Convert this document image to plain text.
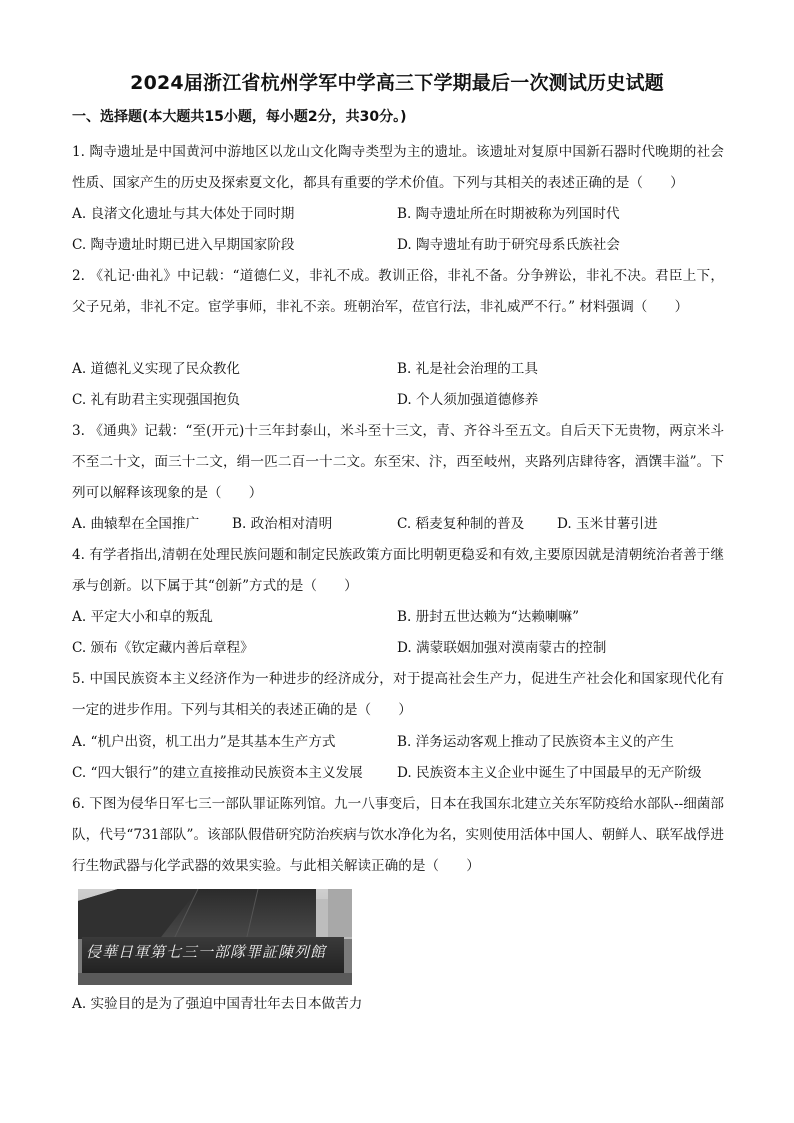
2024届浙江省杭州学军中学高三下学期最后一次测试历史试题
一、选择题(本大题共15小题，每小题2分，共30分。)
1. 陶寺遗址是中国黄河中游地区以龙山文化陶寺类型为主的遗址。该遗址对复原中国新石器时代晚期的社会性质、国家产生的历史及探索夏文化，都具有重要的学术价值。下列与其相关的表述正确的是（　　）
A. 良渚文化遗址与其大体处于同时期	B. 陶寺遗址所在时期被称为列国时代
C. 陶寺遗址时期已进入早期国家阶段	D. 陶寺遗址有助于研究母系氏族社会
2. 《礼记·曲礼》中记载：“道德仁义，非礼不成。教训正俗，非礼不备。分争辨讼，非礼不决。君臣上下，父子兄弟，非礼不定。宦学事师，非礼不亲。班朝治军，莅官行法，非礼威严不行。” 材料强调（　　）
A. 道德礼义实现了民众教化	B. 礼是社会治理的工具
C. 礼有助君主实现强国抱负	D. 个人须加强道德修养
3. 《通典》记载：“至(开元)十三年封泰山，米斗至十三文，青、齐谷斗至五文。自后天下无贵物，两京米斗不至二十文，面三十二文，绢一匹二百一十二文。东至宋、汴，西至岐州，夹路列店肆待客，酒馔丰溢”。下列可以解释该现象的是（　　）
A. 曲辕犁在全国推广 B. 政治相对清明	C. 稻麦复种制的普及 D. 玉米甘薯引进
4. 有学者指出,清朝在处理民族问题和制定民族政策方面比明朝更稳妥和有效,主要原因就是清朝统治者善于继承与创新。以下属于其“创新”方式的是（　　）
A. 平定大小和卓的叛乱	B. 册封五世达赖为“达赖喇嘛”
C. 颁布《钦定藏内善后章程》	D. 满蒙联姻加强对漠南蒙古的控制
5. 中国民族资本主义经济作为一种进步的经济成分，对于提高社会生产力，促进生产社会化和国家现代化有一定的进步作用。下列与其相关的表述正确的是（　　）
A. “机户出资，机工出力”是其基本生产方式	B. 洋务运动客观上推动了民族资本主义的产生
C. “四大银行”的建立直接推动民族资本主义发展	D. 民族资本主义企业中诞生了中国最早的无产阶级
6. 下图为侵华日军七三一部队罪证陈列馆。九一八事变后，日本在我国东北建立关东军防疫给水部队--细菌部队，代号“731部队”。该部队假借研究防治疾病与饮水净化为名，实则使用活体中国人、朝鲜人、联军战俘进行生物武器与化学武器的效果实验。与此相关解读正确的是（　　）
侵華日軍第七三一部隊罪証陳列館
A. 实验目的是为了强迫中国青壮年去日本做苦力
